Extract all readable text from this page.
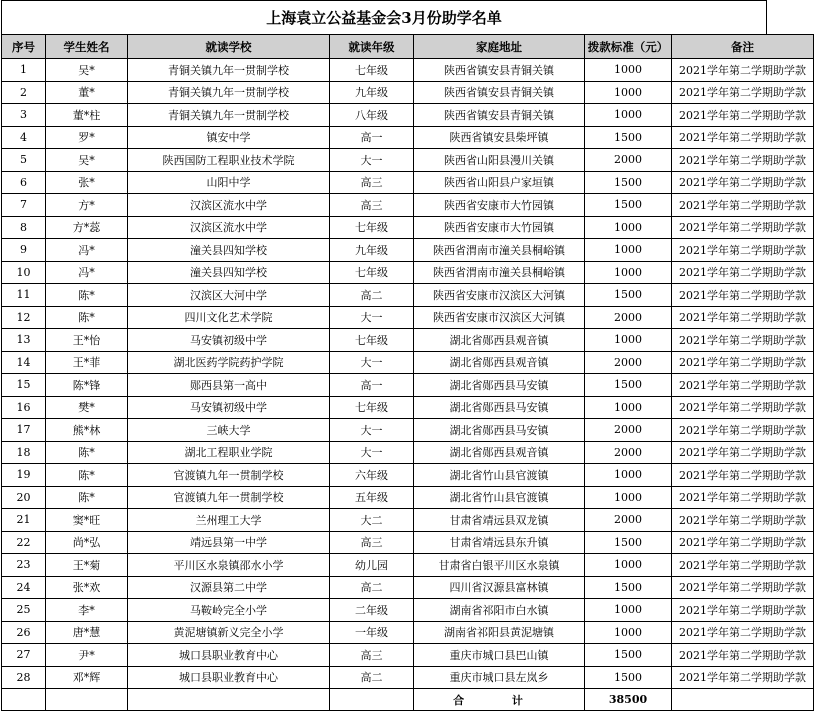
上海袁立公益基金会3月份助学名单
序号	学生姓名	就读学校	就读年级	家庭地址	拨款标准（元）	备注
1	吴*	青铜关镇九年一贯制学校	七年级	陕西省镇安县青铜关镇	1000	2021学年第二学期助学款
2	董*	青铜关镇九年一贯制学校	九年级	陕西省镇安县青铜关镇	1000	2021学年第二学期助学款
3	董*柱	青铜关镇九年一贯制学校	八年级	陕西省镇安县青铜关镇	1000	2021学年第二学期助学款
4	罗*	镇安中学	高一	陕西省镇安县柴坪镇	1500	2021学年第二学期助学款
5	吴*	陕西国防工程职业技术学院	大一	陕西省山阳县漫川关镇	2000	2021学年第二学期助学款
6	张*	山阳中学	高三	陕西省山阳县户家垣镇	1500	2021学年第二学期助学款
7	方*	汉滨区流水中学	高三	陕西省安康市大竹园镇	1500	2021学年第二学期助学款
8	方*蕊	汉滨区流水中学	七年级	陕西省安康市大竹园镇	1000	2021学年第二学期助学款
9	冯*	潼关县四知学校	九年级	陕西省渭南市潼关县桐峪镇	1000	2021学年第二学期助学款
10	冯*	潼关县四知学校	七年级	陕西省渭南市潼关县桐峪镇	1000	2021学年第二学期助学款
11	陈*	汉滨区大河中学	高二	陕西省安康市汉滨区大河镇	1500	2021学年第二学期助学款
12	陈*	四川文化艺术学院	大一	陕西省安康市汉滨区大河镇	2000	2021学年第二学期助学款
13	王*怡	马安镇初级中学	七年级	湖北省郧西县观音镇	1000	2021学年第二学期助学款
14	王*菲	湖北医药学院药护学院	大一	湖北省郧西县观音镇	2000	2021学年第二学期助学款
15	陈*锋	郧西县第一高中	高一	湖北省郧西县马安镇	1500	2021学年第二学期助学款
16	樊*	马安镇初级中学	七年级	湖北省郧西县马安镇	1000	2021学年第二学期助学款
17	熊*林	三峡大学	大一	湖北省郧西县马安镇	2000	2021学年第二学期助学款
18	陈*	湖北工程职业学院	大一	湖北省郧西县观音镇	2000	2021学年第二学期助学款
19	陈*	官渡镇九年一贯制学校	六年级	湖北省竹山县官渡镇	1000	2021学年第二学期助学款
20	陈*	官渡镇九年一贯制学校	五年级	湖北省竹山县官渡镇	1000	2021学年第二学期助学款
21	窦*旺	兰州理工大学	大二	甘肃省靖远县双龙镇	2000	2021学年第二学期助学款
22	尚*弘	靖远县第一中学	高三	甘肃省靖远县东升镇	1500	2021学年第二学期助学款
23	王*菊	平川区水泉镇邵水小学	幼儿园	甘肃省白银平川区水泉镇	1000	2021学年第二学期助学款
24	张*欢	汉源县第二中学	高二	四川省汉源县富林镇	1500	2021学年第二学期助学款
25	李*	马鞍岭完全小学	二年级	湖南省祁阳市白水镇	1000	2021学年第二学期助学款
26	唐*慧	黄泥塘镇新义完全小学	一年级	湖南省祁阳县黄泥塘镇	1000	2021学年第二学期助学款
27	尹*	城口县职业教育中心	高三	重庆市城口县巴山镇	1500	2021学年第二学期助学款
28	邓*辉	城口县职业教育中心	高二	重庆市城口县左岚乡	1500	2021学年第二学期助学款
				合 计	38500	
